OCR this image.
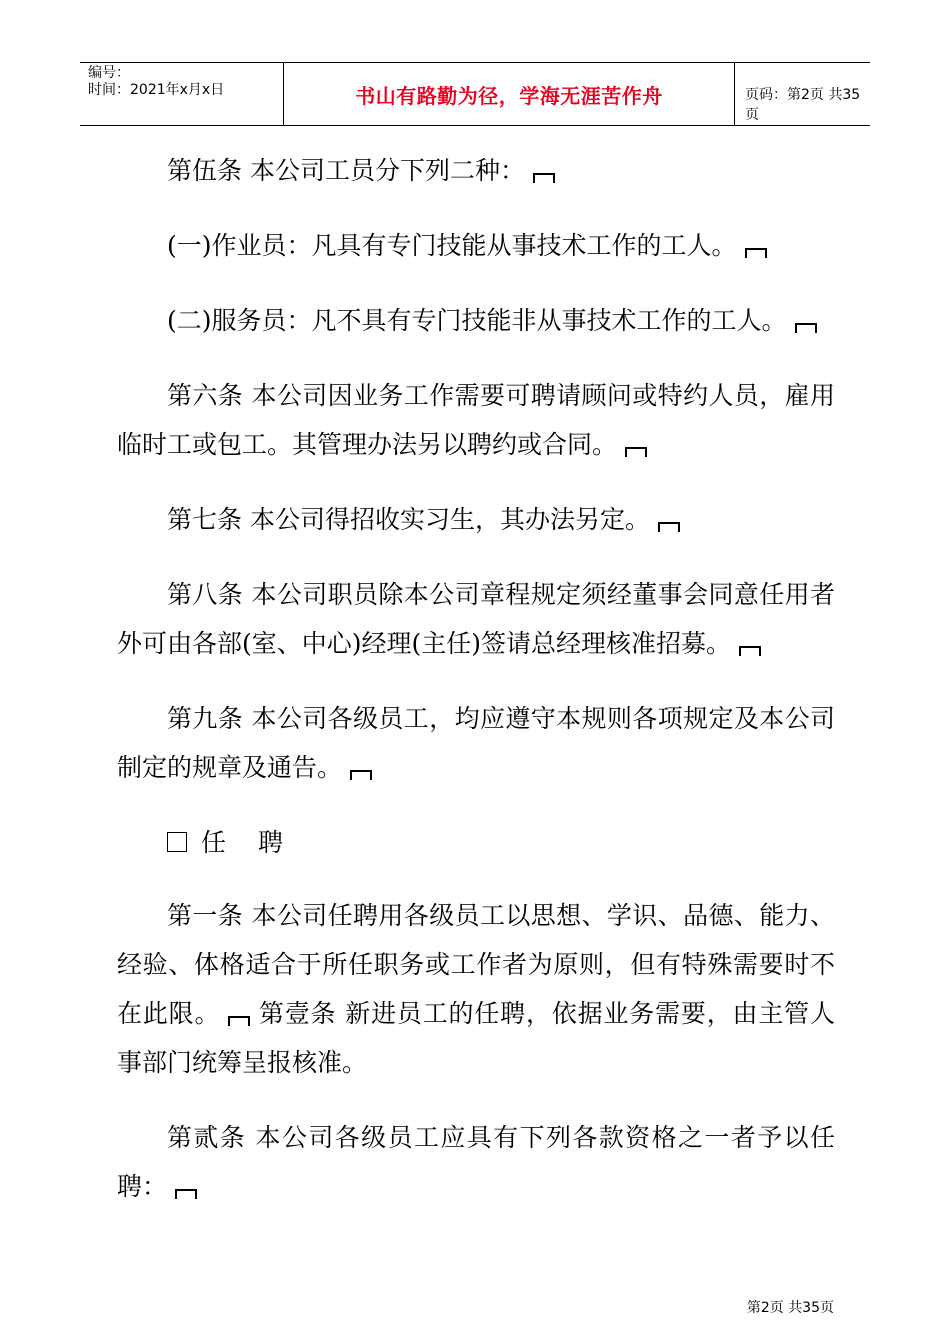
编号：
时间：2021年x月x日	书山有路勤为径，学海无涯苦作舟	页码：第2页 共35页

第伍条 本公司工员分下列二种：

(一)作业员：凡具有专门技能从事技术工作的工人。

(二)服务员：凡不具有专门技能非从事技术工作的工人。

第六条 本公司因业务工作需要可聘请顾问或特约人员，雇用临时工或包工。其管理办法另以聘约或合同。

第七条 本公司得招收实习生，其办法另定。

第八条 本公司职员除本公司章程规定须经董事会同意任用者外可由各部(室、中心)经理(主任)签请总经理核准招募。

第九条 本公司各级员工，均应遵守本规则各项规定及本公司制定的规章及通告。

任 聘

第一条 本公司任聘用各级员工以思想、学识、品德、能力、经验、体格适合于所任职务或工作者为原则，但有特殊需要时不在此限。 第壹条 新进员工的任聘，依据业务需要，由主管人事部门统筹呈报核准。

第贰条 本公司各级员工应具有下列各款资格之一者予以任聘：

第2页 共35页
